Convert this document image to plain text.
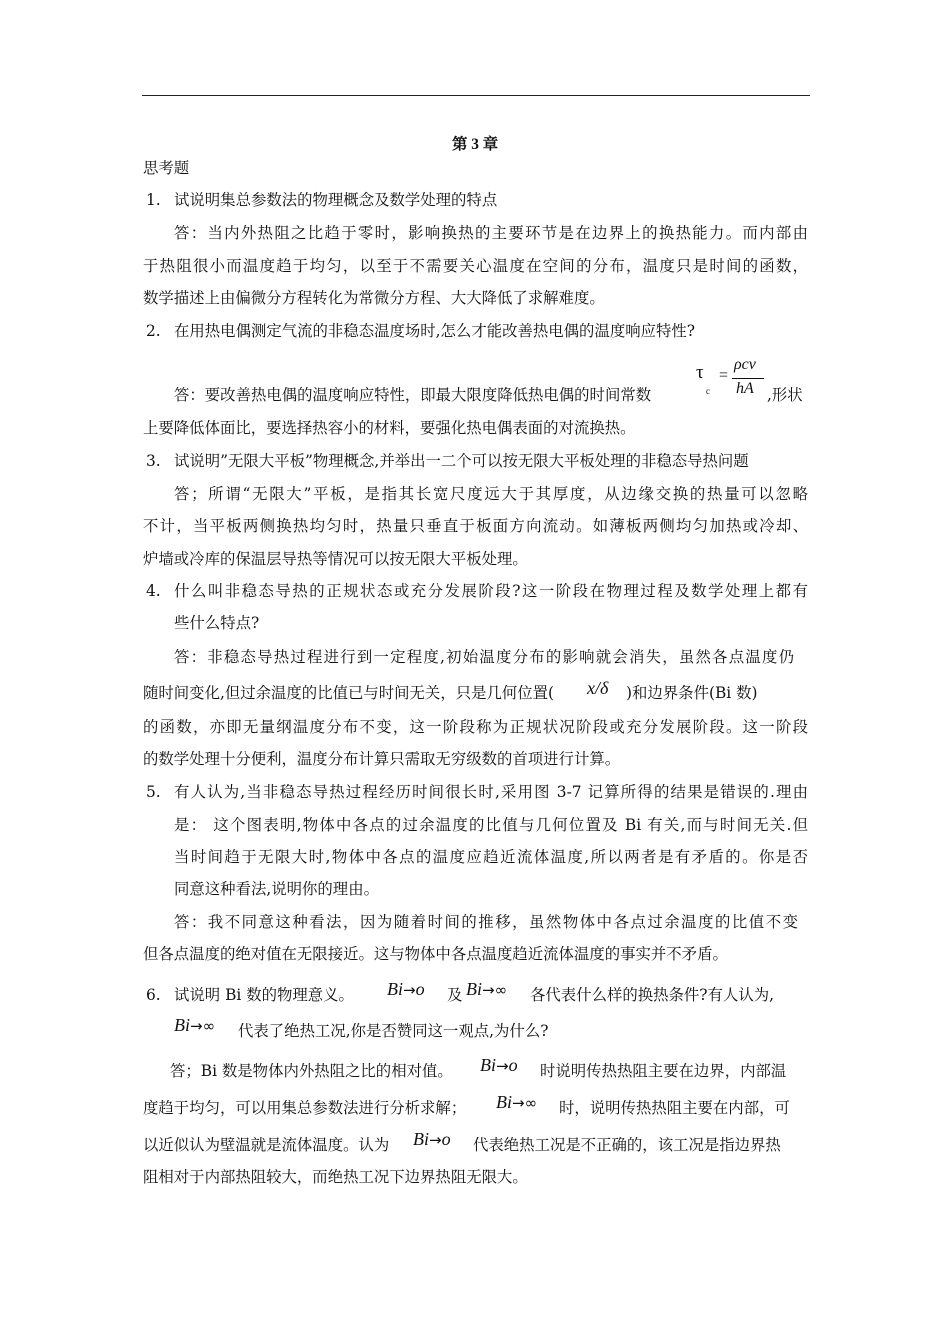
第 3 章
思考题
1. 试说明集总参数法的物理概念及数学处理的特点
答：当内外热阻之比趋于零时，影响换热的主要环节是在边界上的换热能力。而内部由
于热阻很小而温度趋于均匀，以至于不需要关心温度在空间的分布，温度只是时间的函数，
数学描述上由偏微分方程转化为常微分方程、大大降低了求解难度。
2. 在用热电偶测定气流的非稳态温度场时,怎么才能改善热电偶的温度响应特性?
答：要改善热电偶的温度响应特性，即最大限度降低热电偶的时间常数
τ
c
=
ρcv
hA ,形状
上要降低体面比，要选择热容小的材料，要强化热电偶表面的对流换热。
3. 试说明”无限大平板”物理概念,并举出一二个可以按无限大平板处理的非稳态导热问题
答；所谓“无限大”平板，是指其长宽尺度远大于其厚度，从边缘交换的热量可以忽略
不计，当平板两侧换热均匀时，热量只垂直于板面方向流动。如薄板两侧均匀加热或冷却、
炉墙或冷库的保温层导热等情况可以按无限大平板处理。
4. 什么叫非稳态导热的正规状态或充分发展阶段?这一阶段在物理过程及数学处理上都有
些什么特点?
答：非稳态导热过程进行到一定程度,初始温度分布的影响就会消失，虽然各点温度仍
随时间变化,但过余温度的比值已与时间无关，只是几何位置( x/δ )和边界条件(Bi 数)
的函数，亦即无量纲温度分布不变，这一阶段称为正规状况阶段或充分发展阶段。这一阶段
的数学处理十分便利，温度分布计算只需取无穷级数的首项进行计算。
5. 有人认为,当非稳态导热过程经历时间很长时,采用图 3-7 记算所得的结果是错误的.理由
是： 这个图表明,物体中各点的过余温度的比值与几何位置及 Bi 有关,而与时间无关.但
当时间趋于无限大时,物体中各点的温度应趋近流体温度,所以两者是有矛盾的。你是否
同意这种看法,说明你的理由。
答：我不同意这种看法，因为随着时间的推移，虽然物体中各点过余温度的比值不变
但各点温度的绝对值在无限接近。这与物体中各点温度趋近流体温度的事实并不矛盾。
6. 试说明 Bi 数的物理意义。 Bi→o 及 Bi→∞ 各代表什么样的换热条件?有人认为,
Bi→∞ 代表了绝热工况,你是否赞同这一观点,为什么?
答；Bi 数是物体内外热阻之比的相对值。 Bi→o 时说明传热热阻主要在边界，内部温
度趋于均匀，可以用集总参数法进行分析求解； Bi→∞ 时，说明传热热阻主要在内部，可
以近似认为壁温就是流体温度。认为 Bi→o 代表绝热工况是不正确的，该工况是指边界热
阻相对于内部热阻较大，而绝热工况下边界热阻无限大。
